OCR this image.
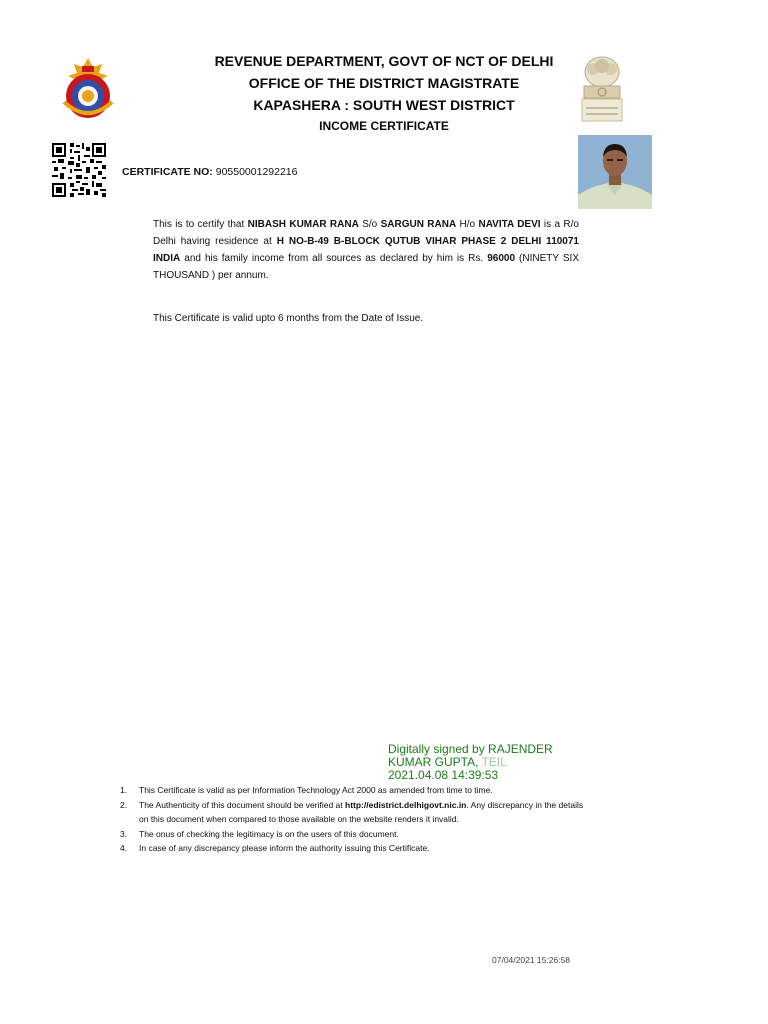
REVENUE DEPARTMENT, GOVT OF NCT OF DELHI
OFFICE OF THE DISTRICT MAGISTRATE
KAPASHERA : SOUTH WEST DISTRICT
INCOME CERTIFICATE
CERTIFICATE NO: 90550001292216
This is to certify that NIBASH KUMAR RANA S/o SARGUN RANA H/o NAVITA DEVI is a R/o Delhi having residence at H NO-B-49 B-BLOCK QUTUB VIHAR PHASE 2 DELHI 110071 INDIA and his family income from all sources as declared by him is Rs. 96000 (NINETY SIX THOUSAND ) per annum.
This Certificate is valid upto 6 months from the Date of Issue.
Digitally signed by RAJENDER
KUMAR GUPTA, TEIL
2021.04.08 14:39:53
1. This Certificate is valid as per Information Technology Act 2000 as amended from time to time.
2. The Authenticity of this document should be verified at http://edistrict.delhigovt.nic.in. Any discrepancy in the details on this document when compared to those available on the website renders it invalid.
3. The onus of checking the legitimacy is on the users of this document.
4. In case of any discrepancy please inform the authority issuing this Certificate.
07/04/2021 15:26:58
